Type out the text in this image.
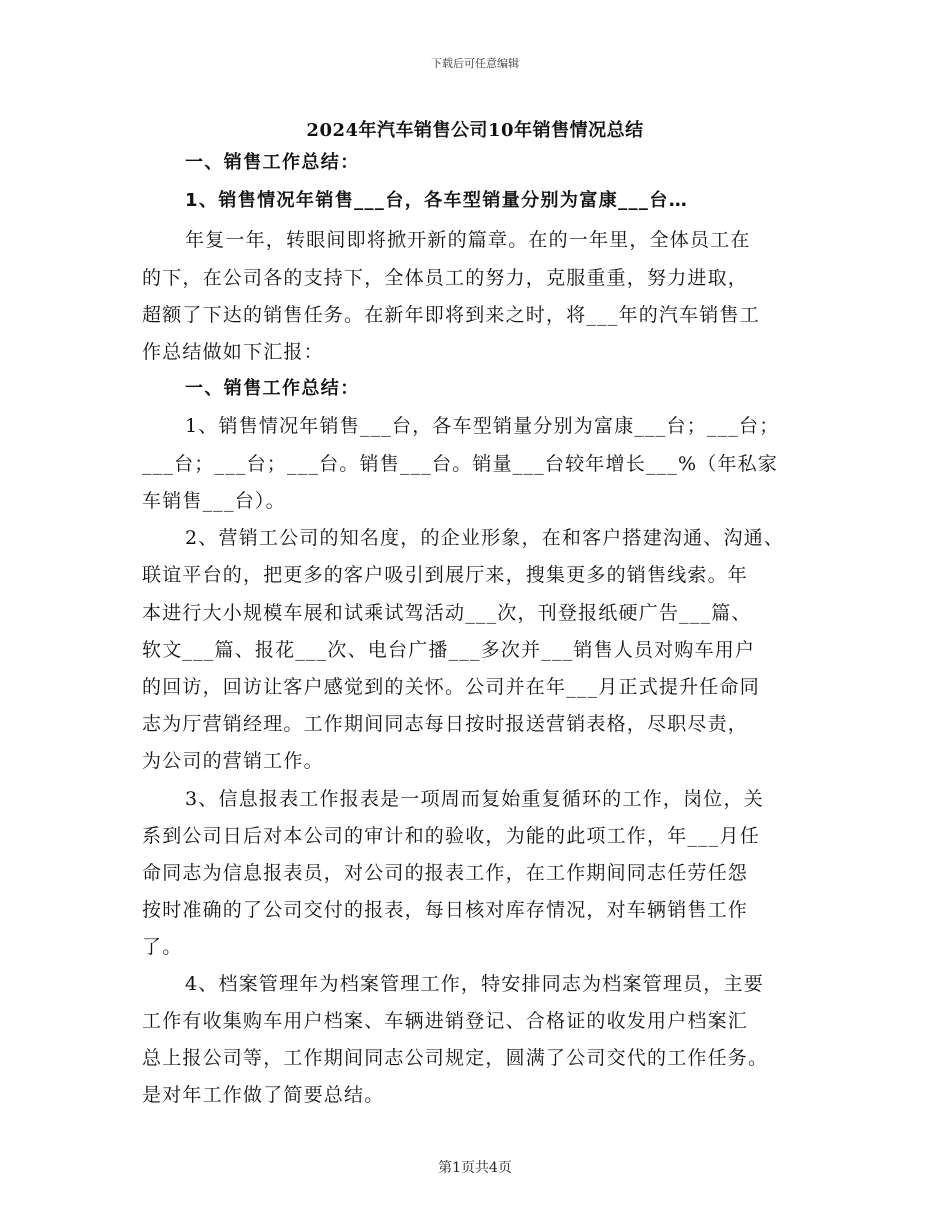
下载后可任意编辑
2024年汽车销售公司10年销售情况总结
一、销售工作总结：
1、销售情况年销售___台，各车型销量分别为富康___台…
年复一年，转眼间即将掀开新的篇章。在的一年里，全体员工在
的下，在公司各的支持下，全体员工的努力，克服重重，努力进取，
超额了下达的销售任务。在新年即将到来之时，将___年的汽车销售工
作总结做如下汇报：
一、销售工作总结：
1、销售情况年销售___台，各车型销量分别为富康___台；___台；
___台；___台；___台。销售___台。销量___台较年增长___%（年私家
车销售___台）。
2、营销工公司的知名度，的企业形象，在和客户搭建沟通、沟通、
联谊平台的，把更多的客户吸引到展厅来，搜集更多的销售线索。年
本进行大小规模车展和试乘试驾活动___次，刊登报纸硬广告___篇、
软文___篇、报花___次、电台广播___多次并___销售人员对购车用户
的回访，回访让客户感觉到的关怀。公司并在年___月正式提升任命同
志为厅营销经理。工作期间同志每日按时报送营销表格，尽职尽责，
为公司的营销工作。
3、信息报表工作报表是一项周而复始重复循环的工作，岗位，关
系到公司日后对本公司的审计和的验收，为能的此项工作，年___月任
命同志为信息报表员，对公司的报表工作，在工作期间同志任劳任怨
按时准确的了公司交付的报表，每日核对库存情况，对车辆销售工作
了。
4、档案管理年为档案管理工作，特安排同志为档案管理员，主要
工作有收集购车用户档案、车辆进销登记、合格证的收发用户档案汇
总上报公司等，工作期间同志公司规定，圆满了公司交代的工作任务。
是对年工作做了简要总结。
第1页共4页
